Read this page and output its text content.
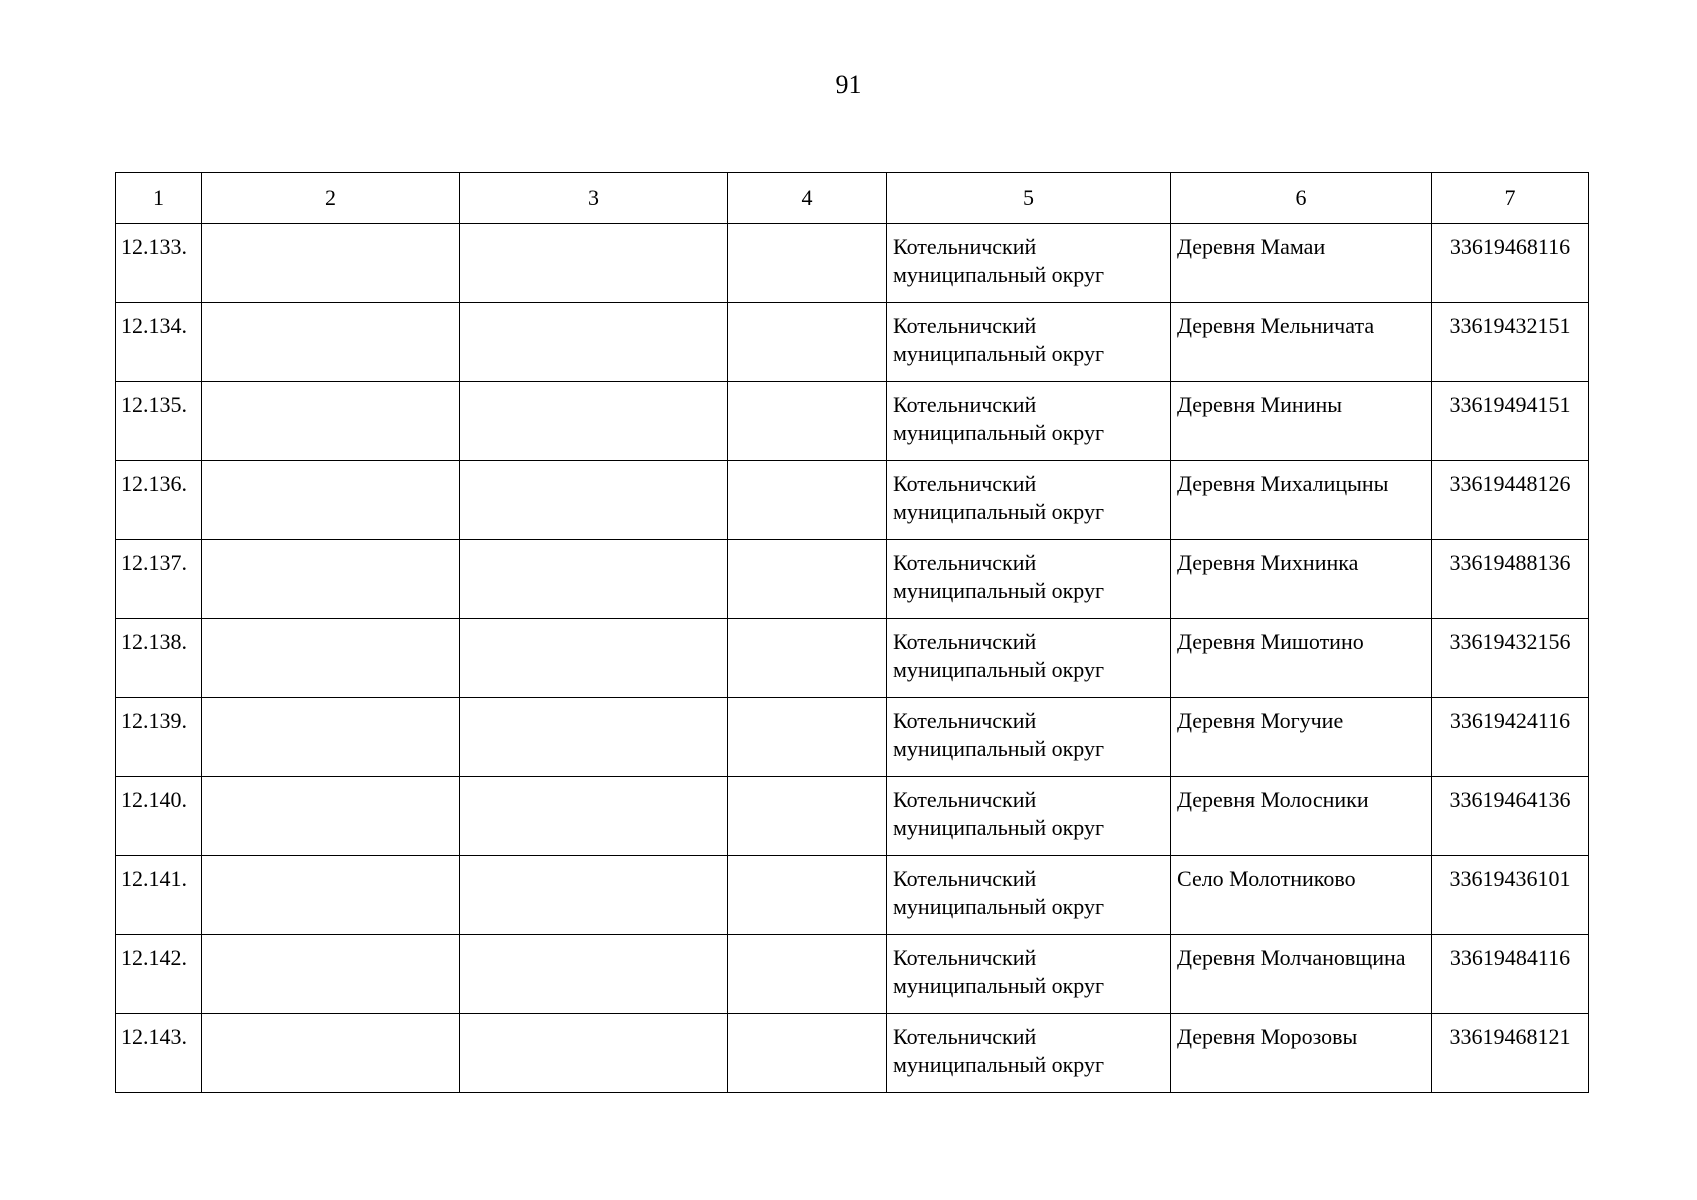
91
1	2	3	4	5	6	7
12.133.				Котельничский муниципальный округ	Деревня Мамаи	33619468116
12.134.				Котельничский муниципальный округ	Деревня Мельничата	33619432151
12.135.				Котельничский муниципальный округ	Деревня Минины	33619494151
12.136.				Котельничский муниципальный округ	Деревня Михалицыны	33619448126
12.137.				Котельничский муниципальный округ	Деревня Михнинка	33619488136
12.138.				Котельничский муниципальный округ	Деревня Мишотино	33619432156
12.139.				Котельничский муниципальный округ	Деревня Могучие	33619424116
12.140.				Котельничский муниципальный округ	Деревня Молосники	33619464136
12.141.				Котельничский муниципальный округ	Село Молотниково	33619436101
12.142.				Котельничский муниципальный округ	Деревня Молчановщина	33619484116
12.143.				Котельничский муниципальный округ	Деревня Морозовы	33619468121
